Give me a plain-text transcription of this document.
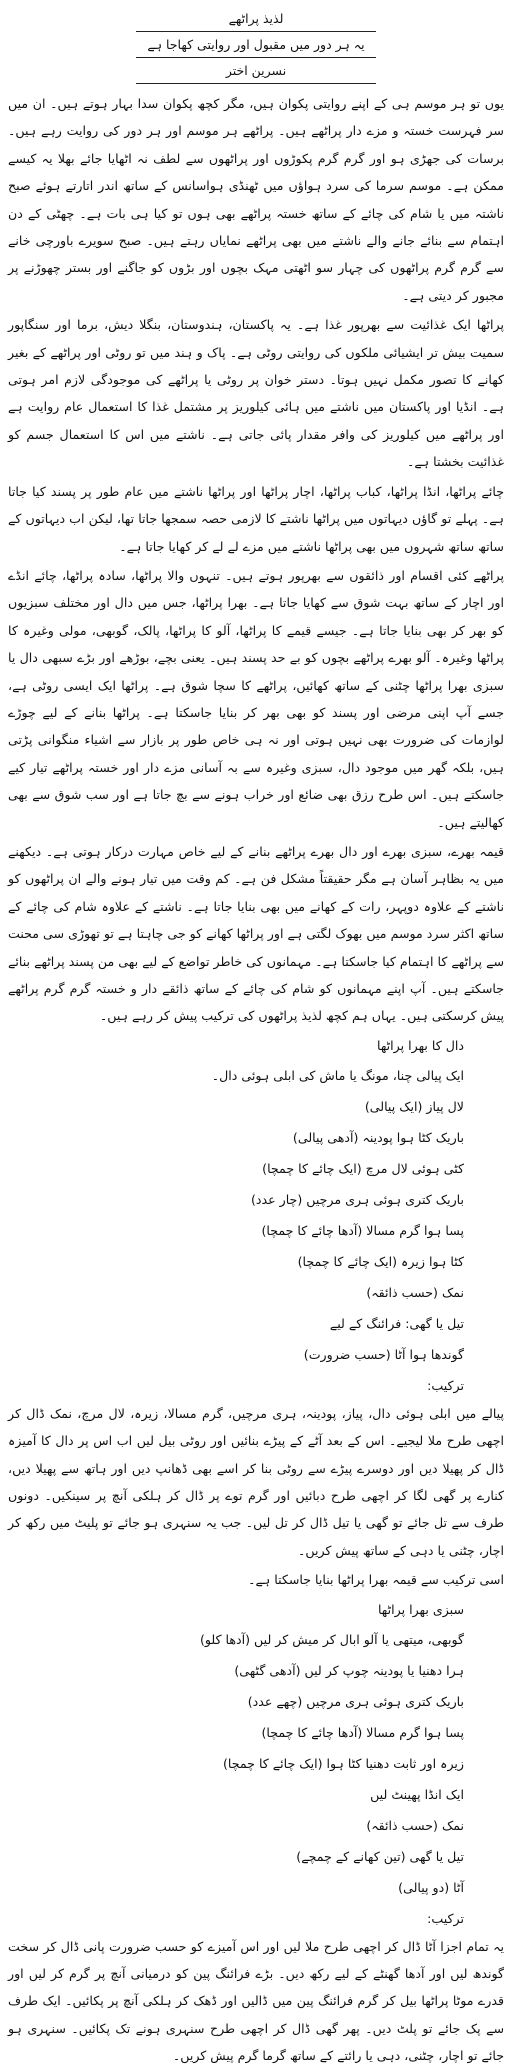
لذیذ پراٹھے
یہ ہر دور میں مقبول اور روایتی کھاجا ہے
نسرین اختر

یوں تو ہر موسم ہی کے اپنے روایتی پکوان ہیں، مگر کچھ پکوان سدا بہار ہوتے ہیں۔ ان میں سر فہرست خستہ و مزے دار پراٹھے ہیں۔ پراٹھے ہر موسم اور ہر دور کی روایت رہے ہیں۔ برسات کی جھڑی ہو اور گرم گرم پکوڑوں اور پراٹھوں سے لطف نہ اٹھایا جائے بھلا یہ کیسے ممکن ہے۔ موسم سرما کی سرد ہواؤں میں ٹھنڈی ہواسانس کے ساتھ اندر اتارتے ہوئے صبح ناشتہ میں یا شام کی چائے کے ساتھ خستہ پراٹھے بھی ہوں تو کیا ہی بات ہے۔ چھٹی کے دن اہتمام سے بنائے جانے والے ناشتے میں بھی پراٹھے نمایاں رہتے ہیں۔ صبح سویرے باورچی خانے سے گرم گرم پراٹھوں کی چہار سو اٹھتی مہک بچوں اور بڑوں کو جاگنے اور بستر چھوڑنے پر مجبور کر دیتی ہے۔

پراٹھا ایک غذائیت سے بھرپور غذا ہے۔ یہ پاکستان، ہندوستان، بنگلا دیش، برما اور سنگاپور سمیت بیش تر ایشیائی ملکوں کی روایتی روٹی ہے۔ پاک و ہند میں تو روٹی اور پراٹھے کے بغیر کھانے کا تصور مکمل نہیں ہوتا۔ دستر خوان پر روٹی یا پراٹھے کی موجودگی لازم امر ہوتی ہے۔ انڈیا اور پاکستان میں ناشتے میں ہائی کیلوریز پر مشتمل غذا کا استعمال عام روایت ہے اور پراٹھے میں کیلوریز کی وافر مقدار پائی جاتی ہے۔ ناشتے میں اس کا استعمال جسم کو غذائیت بخشتا ہے۔

چائے پراٹھا، انڈا پراٹھا، کباب پراٹھا، اچار پراٹھا اور پراٹھا ناشتے میں عام طور پر پسند کیا جاتا ہے۔ پہلے تو گاؤں دیہاتوں میں پراٹھا ناشتے کا لازمی حصہ سمجھا جاتا تھا، لیکن اب دیہاتوں کے ساتھ ساتھ شہروں میں بھی پراٹھا ناشتے میں مزے لے لے کر کھایا جاتا ہے۔

پراٹھے کئی اقسام اور ذائقوں سے بھرپور ہوتے ہیں۔ تنہوں والا پراٹھا، سادہ پراٹھا، چائے انڈے اور اچار کے ساتھ بہت شوق سے کھایا جاتا ہے۔ بھرا پراٹھا، جس میں دال اور مختلف سبزیوں کو بھر کر بھی بنایا جاتا ہے۔ جیسے قیمے کا پراٹھا، آلو کا پراٹھا، پالک، گوبھی، مولی وغیرہ کا پراٹھا وغیرہ۔ آلو بھرے پراٹھے بچوں کو بے حد پسند ہیں۔ یعنی بچے، بوڑھے اور بڑے سبھی دال یا سبزی بھرا پراٹھا چٹنی کے ساتھ کھائیں، پراٹھے کا سچا شوق ہے۔ پراٹھا ایک ایسی روٹی ہے، جسے آپ اپنی مرضی اور پسند کو بھی بھر کر بنایا جاسکتا ہے۔ پراٹھا بنانے کے لیے چوڑے لوازمات کی ضرورت بھی نہیں ہوتی اور نہ ہی خاص طور پر بازار سے اشیاء منگوانی پڑتی ہیں، بلکہ گھر میں موجود دال، سبزی وغیرہ سے بہ آسانی مزے دار اور خستہ پراٹھے تیار کیے جاسکتے ہیں۔ اس طرح رزق بھی ضائع اور خراب ہونے سے بچ جاتا ہے اور سب شوق سے بھی کھالیتے ہیں۔

قیمہ بھرے، سبزی بھرے اور دال بھرے پراٹھے بنانے کے لیے خاص مہارت درکار ہوتی ہے۔ دیکھنے میں یہ بظاہر آسان ہے مگر حقیقتاً مشکل فن ہے۔ کم وقت میں تیار ہونے والے ان پراٹھوں کو ناشتے کے علاوہ دوپہر، رات کے کھانے میں بھی بنایا جاتا ہے۔ ناشتے کے علاوہ شام کی چائے کے ساتھ اکثر سرد موسم میں بھوک لگتی ہے اور پراٹھا کھانے کو جی چاہتا ہے تو تھوڑی سی محنت سے پراٹھے کا اہتمام کیا جاسکتا ہے۔ مہمانوں کی خاطر تواضع کے لیے بھی من پسند پراٹھے بنائے جاسکتے ہیں۔ آپ اپنے مہمانوں کو شام کی چائے کے ساتھ ذائقے دار و خستہ گرم گرم پراٹھے پیش کرسکتی ہیں۔ یہاں ہم کچھ لذیذ پراٹھوں کی ترکیب پیش کر رہے ہیں۔

دال کا بھرا پراٹھا
ایک پیالی چنا، مونگ یا ماش کی ابلی ہوئی دال۔
لال پیاز (ایک پیالی)
باریک کٹا ہوا پودینہ (آدھی پیالی)
کٹی ہوئی لال مرچ (ایک چائے کا چمچا)
باریک کتری ہوئی ہری مرچیں (چار عدد)
پسا ہوا گرم مسالا (آدھا چائے کا چمچا)
کٹا ہوا زیرہ (ایک چائے کا چمچا)
نمک (حسب ذائقہ)
تیل یا گھی: فرائنگ کے لیے
گوندھا ہوا آٹا (حسب ضرورت)
ترکیب:

پیالے میں ابلی ہوئی دال، پیاز، پودینہ، ہری مرچیں، گرم مسالا، زیرہ، لال مرچ، نمک ڈال کر اچھی طرح ملا لیجیے۔ اس کے بعد آٹے کے پیڑے بنائیں اور روٹی بیل لیں اب اس پر دال کا آمیزہ ڈال کر پھیلا دیں اور دوسرے پیڑے سے روٹی بنا کر اسے بھی ڈھانپ دیں اور ہاتھ سے پھیلا دیں، کنارے پر گھی لگا کر اچھی طرح دبائیں اور گرم توے پر ڈال کر ہلکی آنچ پر سینکیں۔ دونوں طرف سے تل جائے تو گھی یا تیل ڈال کر تل لیں۔ جب یہ سنہری ہو جائے تو پلیٹ میں رکھ کر اچار، چٹنی یا دہی کے ساتھ پیش کریں۔

اسی ترکیب سے قیمہ بھرا پراٹھا بنایا جاسکتا ہے۔

سبزی بھرا پراٹھا
گوبھی، میتھی یا آلو ابال کر میش کر لیں (آدھا کلو)
ہرا دھنیا یا پودینہ چوپ کر لیں (آدھی گٹھی)
باریک کتری ہوئی ہری مرچیں (چھے عدد)
پسا ہوا گرم مسالا (آدھا چائے کا چمچا)
زیرہ اور ثابت دھنیا کٹا ہوا (ایک چائے کا چمچا)
ایک انڈا پھینٹ لیں
نمک (حسب ذائقہ)
تیل یا گھی (تین کھانے کے چمچے)
آٹا (دو پیالی)
ترکیب:

یہ تمام اجزا آٹا ڈال کر اچھی طرح ملا لیں اور اس آمیزے کو حسب ضرورت پانی ڈال کر سخت گوندھ لیں اور آدھا گھنٹے کے لیے رکھ دیں۔ بڑے فرائنگ پین کو درمیانی آنچ پر گرم کر لیں اور قدرے موٹا پراٹھا بیل کر گرم فرائنگ پین میں ڈالیں اور ڈھک کر ہلکی آنچ پر پکائیں۔ ایک طرف سے پک جائے تو پلٹ دیں۔ پھر گھی ڈال کر اچھی طرح سنہری ہونے تک پکائیں۔ سنہری ہو جائے تو اچار، چٹنی، دہی یا رائتے کے ساتھ گرما گرم پیش کریں۔
